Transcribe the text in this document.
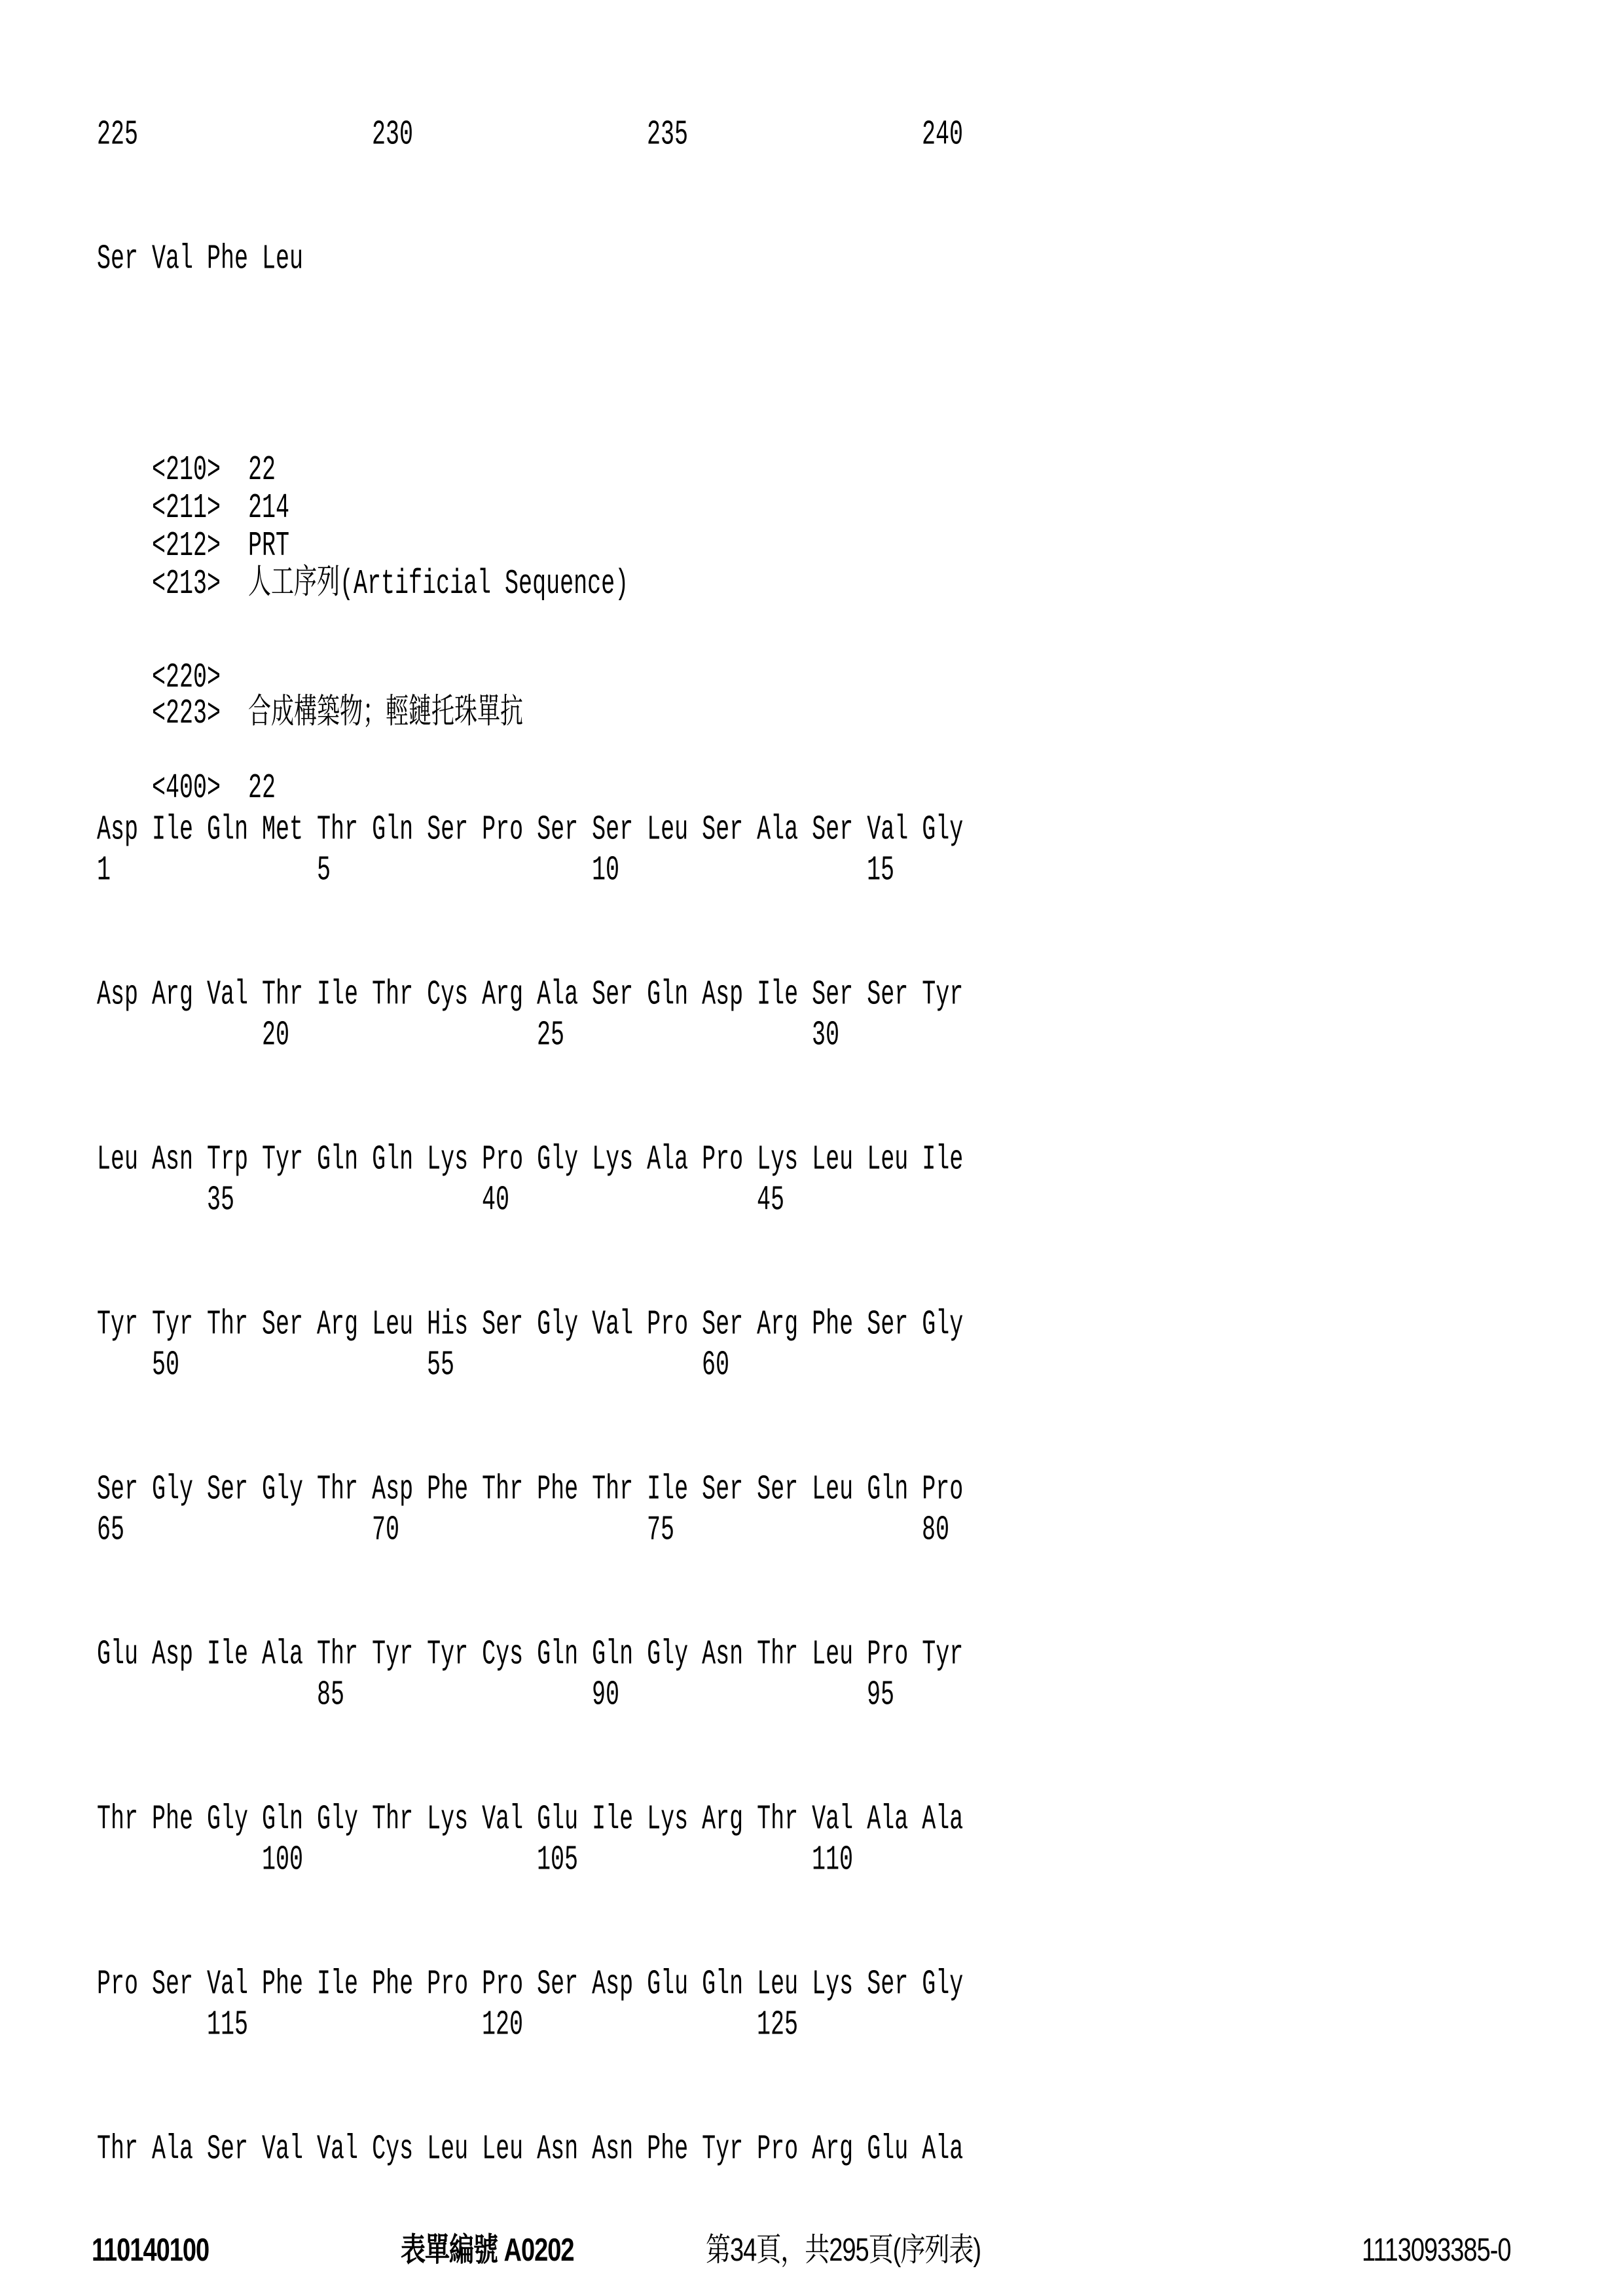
225	230	235	240
Ser Val Phe Leu

<210> 22

<211> 214

<212> PRT

<213> 人工序列(Artificial Sequence)

<220>

<223> 合成構築物；輕鏈托珠單抗

<400> 22

Asp Ile Gln Met Thr Gln Ser Pro Ser Ser Leu Ser Ala Ser Val Gly
1	5	10	15
Asp Arg Val Thr Ile Thr Cys Arg Ala Ser Gln Asp Ile Ser Ser Tyr
20	25	30
Leu Asn Trp Tyr Gln Gln Lys Pro Gly Lys Ala Pro Lys Leu Leu Ile
35	40	45
Tyr Tyr Thr Ser Arg Leu His Ser Gly Val Pro Ser Arg Phe Ser Gly
50	55	60
Ser Gly Ser Gly Thr Asp Phe Thr Phe Thr Ile Ser Ser Leu Gln Pro
65	70	75	80
Glu Asp Ile Ala Thr Tyr Tyr Cys Gln Gln Gly Asn Thr Leu Pro Tyr
85	90	95
Thr Phe Gly Gln Gly Thr Lys Val Glu Ile Lys Arg Thr Val Ala Ala
100	105	110
Pro Ser Val Phe Ile Phe Pro Pro Ser Asp Glu Gln Leu Lys Ser Gly
115	120	125
Thr Ala Ser Val Val Cys Leu Leu Asn Asn Phe Tyr Pro Arg Glu Ala
110140100	表單編號 A0202	第34頁，共295頁(序列表)	1113093385-0
